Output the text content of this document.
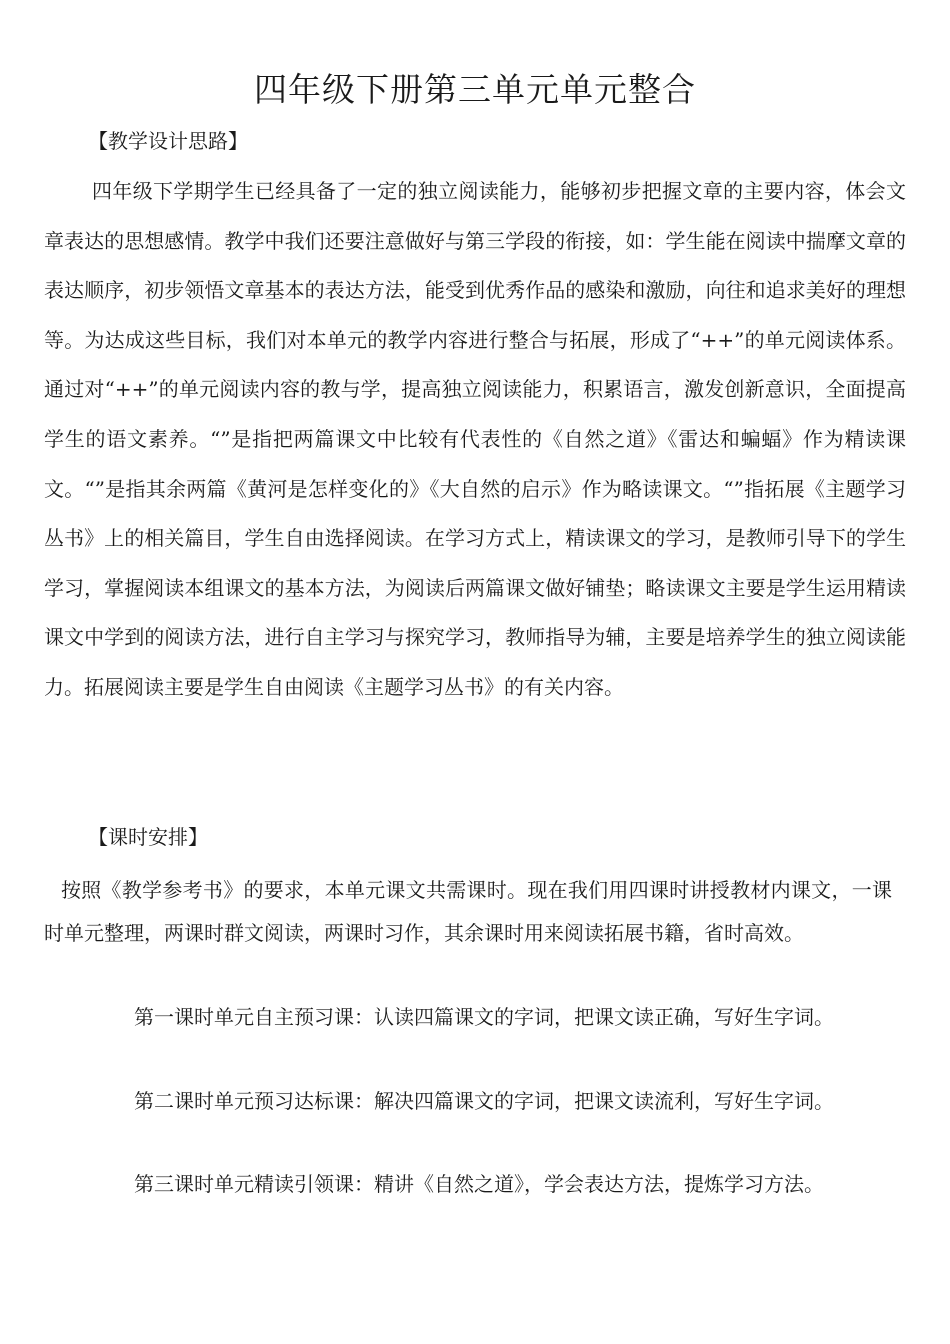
四年级下册第三单元单元整合
【教学设计思路】

四年级下学期学生已经具备了一定的独立阅读能力，能够初步把握文章的主要内容，体会文章表达的思想感情。教学中我们还要注意做好与第三学段的衔接，如：学生能在阅读中揣摩文章的表达顺序，初步领悟文章基本的表达方法，能受到优秀作品的感染和激励，向往和追求美好的理想等。为达成这些目标，我们对本单元的教学内容进行整合与拓展，形成了“++”的单元阅读体系。通过对“++”的单元阅读内容的教与学，提高独立阅读能力，积累语言，激发创新意识，全面提高学生的语文素养。“”是指把两篇课文中比较有代表性的《自然之道》《雷达和蝙蝠》作为精读课文。“”是指其余两篇《黄河是怎样变化的》《大自然的启示》作为略读课文。“”指拓展《主题学习丛书》上的相关篇目，学生自由选择阅读。在学习方式上，精读课文的学习，是教师引导下的学生学习，掌握阅读本组课文的基本方法，为阅读后两篇课文做好铺垫；略读课文主要是学生运用精读课文中学到的阅读方法，进行自主学习与探究学习，教师指导为辅，主要是培养学生的独立阅读能力。拓展阅读主要是学生自由阅读《主题学习丛书》的有关内容。

【课时安排】

按照《教学参考书》的要求，本单元课文共需课时。现在我们用四课时讲授教材内课文，一课时单元整理，两课时群文阅读，两课时习作，其余课时用来阅读拓展书籍，省时高效。

第一课时单元自主预习课：认读四篇课文的字词，把课文读正确，写好生字词。

第二课时单元预习达标课：解决四篇课文的字词，把课文读流利，写好生字词。

第三课时单元精读引领课：精讲《自然之道》，学会表达方法，提炼学习方法。
